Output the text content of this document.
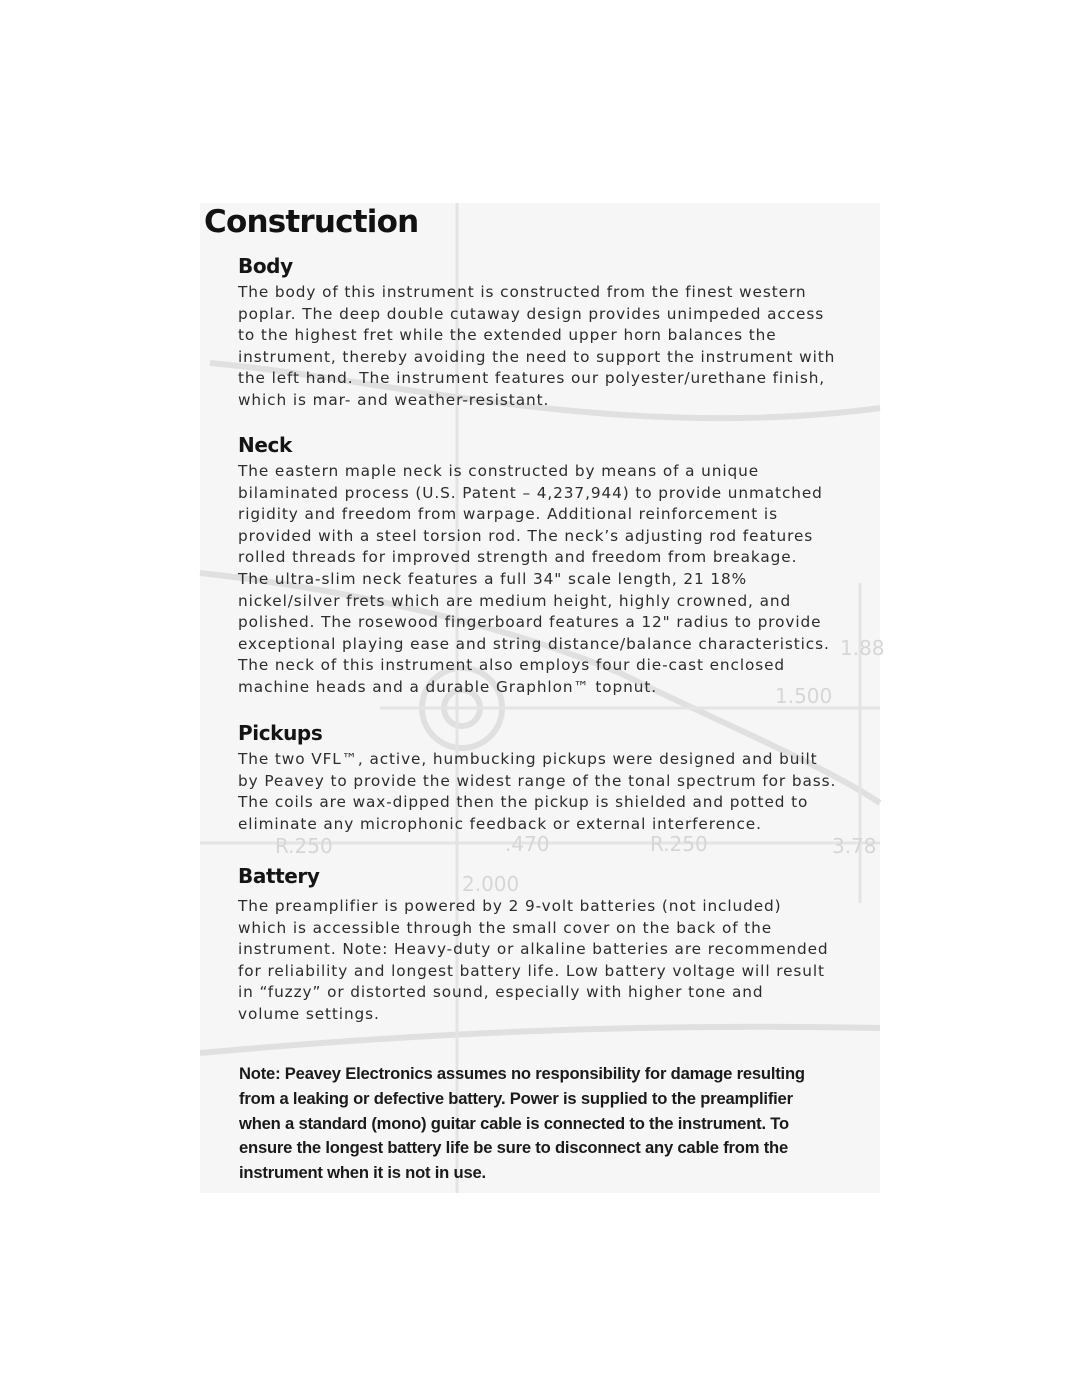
1.500
R.250	.470
2.000
R.250	3.78
1.88
Construction
Body

The body of this instrument is constructed from the finest western
poplar. The deep double cutaway design provides unimpeded access
to the highest fret while the extended upper horn balances the
instrument, thereby avoiding the need to support the instrument with
the left hand. The instrument features our polyester/urethane finish,
which is mar- and weather-resistant.

Neck

The eastern maple neck is constructed by means of a unique
bilaminated process (U.S. Patent – 4,237,944) to provide unmatched
rigidity and freedom from warpage. Additional reinforcement is
provided with a steel torsion rod. The neck’s adjusting rod features
rolled threads for improved strength and freedom from breakage.
The ultra-slim neck features a full 34" scale length, 21 18%
nickel/silver frets which are medium height, highly crowned, and
polished. The rosewood fingerboard features a 12" radius to provide
exceptional playing ease and string distance/balance characteristics.
The neck of this instrument also employs four die-cast enclosed
machine heads and a durable Graphlon™ topnut.

Pickups

The two VFL™, active, humbucking pickups were designed and built
by Peavey to provide the widest range of the tonal spectrum for bass.
The coils are wax-dipped then the pickup is shielded and potted to
eliminate any microphonic feedback or external interference.

Battery

The preamplifier is powered by 2 9-volt batteries (not included)
which is accessible through the small cover on the back of the
instrument. Note: Heavy-duty or alkaline batteries are recommended
for reliability and longest battery life. Low battery voltage will result
in “fuzzy” or distorted sound, especially with higher tone and
volume settings.

Note: Peavey Electronics assumes no responsibility for damage resulting
from a leaking or defective battery. Power is supplied to the preamplifier
when a standard (mono) guitar cable is connected to the instrument. To
ensure the longest battery life be sure to disconnect any cable from the
instrument when it is not in use.
